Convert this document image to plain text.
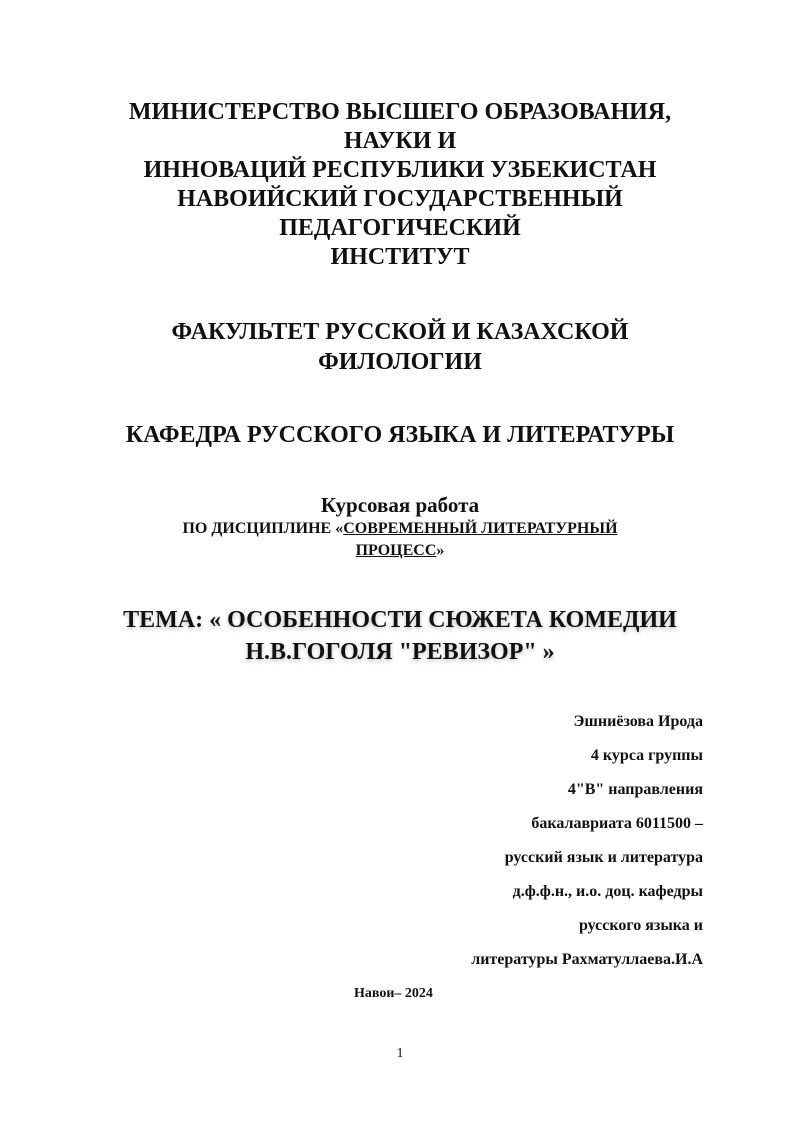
МИНИСТЕРСТВО ВЫСШЕГО ОБРАЗОВАНИЯ,
НАУКИ И
ИННОВАЦИЙ РЕСПУБЛИКИ УЗБЕКИСТАН
НАВОИЙСКИЙ ГОСУДАРСТВЕННЫЙ
ПЕДАГОГИЧЕСКИЙ
ИНСТИТУТ
ФАКУЛЬТЕТ РУССКОЙ И КАЗАХСКОЙ
ФИЛОЛОГИИ
КАФЕДРА РУССКОГО ЯЗЫКА И ЛИТЕРАТУРЫ
Курсовая работа
ПО ДИСЦИПЛИНЕ «СОВРЕМЕННЫЙ ЛИТЕРАТУРНЫЙ
ПРОЦЕСС»
ТЕМА: « ОСОБЕННОСТИ СЮЖЕТА КОМЕДИИ
Н.В.ГОГОЛЯ "РЕВИЗОР" »
Эшниёзова Ирода
4 курса группы
4"В" направления
бакалавриата 6011500 –
русский язык и литература
д.ф.ф.н., и.о. доц. кафедры
русского языка и
литературы Рахматуллаева.И.А
Навои– 2024
1
